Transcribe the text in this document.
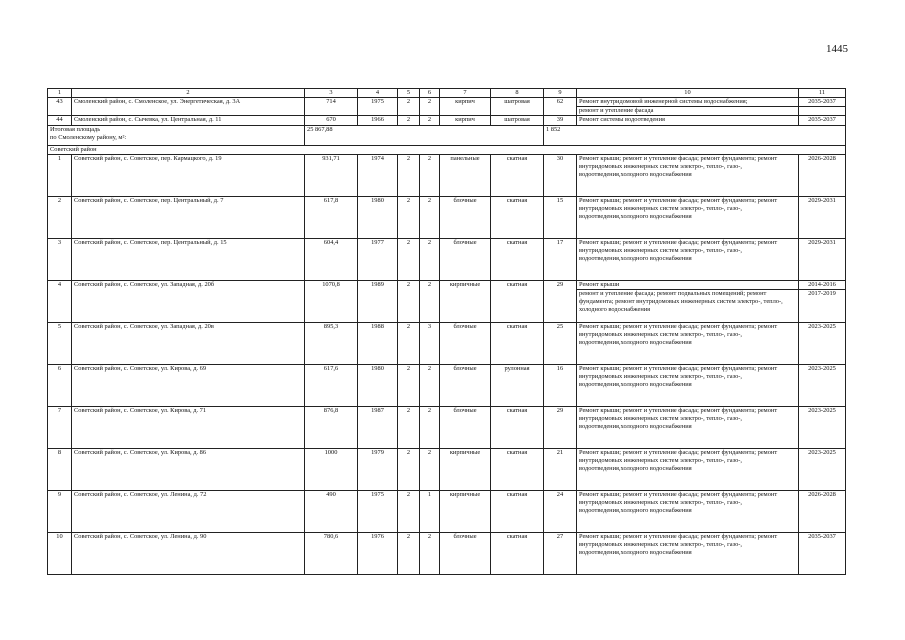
1445
1	2	3	4	5	6	7	8	9	10	11
43	Смоленский район, с. Смоленское, ул. Энергетическая, д. 3А	714	1975	2	2	кирпич	шатровая	62	Ремонт внутридомовой инженерной системы водоснабжения;	2035-2037
									ремонт и утепление фасада	
44	Смоленский район, с. Сычевка, ул. Центральная, д. 11	670	1966	2	2	кирпич	шатровая	39	Ремонт системы водоотведения	2035-2037

Итоговая площадь
по Смоленскому району, м²:		25 867,88						1 852		
Советский район										
1	Советский район, с. Советское, пер. Кармацкого, д. 19	931,71	1974	2	2	панельные	скатная	30	Ремонт крыши; ремонт и утепление фасада; ремонт фундамента; ремонт внутридомовых инженерных систем электро-, тепло-, газо-, водоотведения,холодного водоснабжения	2026-2028
2	Советский район, с. Советское, пер. Центральный, д. 7	617,8	1980	2	2	блочные	скатная	15	Ремонт крыши; ремонт и утепление фасада; ремонт фундамента; ремонт внутридомовых инженерных систем электро-, тепло-, газо-, водоотведения,холодного водоснабжения	2029-2031
3	Советский район, с. Советское, пер. Центральный, д. 15	604,4	1977	2	2	блочные	скатная	17	Ремонт крыши; ремонт и утепление фасада; ремонт фундамента; ремонт внутридомовых инженерных систем электро-, тепло-, газо-, водоотведения,холодного водоснабжения	2029-2031
4	Советский район, с. Советское, ул. Западная, д. 20б	1070,8	1989	2	2	кирпичные	скатная	29	Ремонт крыши	2014-2016
									ремонт и утепление фасада; ремонт подвальных помещений; ремонт фундамента; ремонт внутридомовых инженерных систем электро-, тепло-, холодного водоснабжения	2017-2019
5	Советский район, с. Советское, ул. Западная, д. 20в	895,3	1988	2	3	блочные	скатная	25	Ремонт крыши; ремонт и утепление фасада; ремонт фундамента; ремонт внутридомовых инженерных систем электро-, тепло-, газо-, водоотведения,холодного водоснабжения	2023-2025
6	Советский район, с. Советское, ул. Кирова, д. 69	617,6	1980	2	2	блочные	рулонная	16	Ремонт крыши; ремонт и утепление фасада; ремонт фундамента; ремонт внутридомовых инженерных систем электро-, тепло-, газо-, водоотведения,холодного водоснабжения	2023-2025
7	Советский район, с. Советское, ул. Кирова, д. 71	876,8	1987	2	2	блочные	скатная	29	Ремонт крыши; ремонт и утепление фасада; ремонт фундамента; ремонт внутридомовых инженерных систем электро-, тепло-, газо-, водоотведения,холодного водоснабжения	2023-2025
8	Советский район, с. Советское, ул. Кирова, д. 86	1000	1979	2	2	кирпичные	скатная	21	Ремонт крыши; ремонт и утепление фасада; ремонт фундамента; ремонт внутридомовых инженерных систем электро-, тепло-, газо-, водоотведения,холодного водоснабжения	2023-2025
9	Советский район, с. Советское, ул. Ленина, д. 72	490	1975	2	1	кирпичные	скатная	24	Ремонт крыши; ремонт и утепление фасада; ремонт фундамента; ремонт внутридомовых инженерных систем электро-, тепло-, газо-, водоотведения,холодного водоснабжения	2026-2028
10	Советский район, с. Советское, ул. Ленина, д. 90	780,6	1976	2	2	блочные	скатная	27	Ремонт крыши; ремонт и утепление фасада; ремонт фундамента; ремонт внутридомовых инженерных систем электро-, тепло-, газо-, водоотведения,холодного водоснабжения	2035-2037
